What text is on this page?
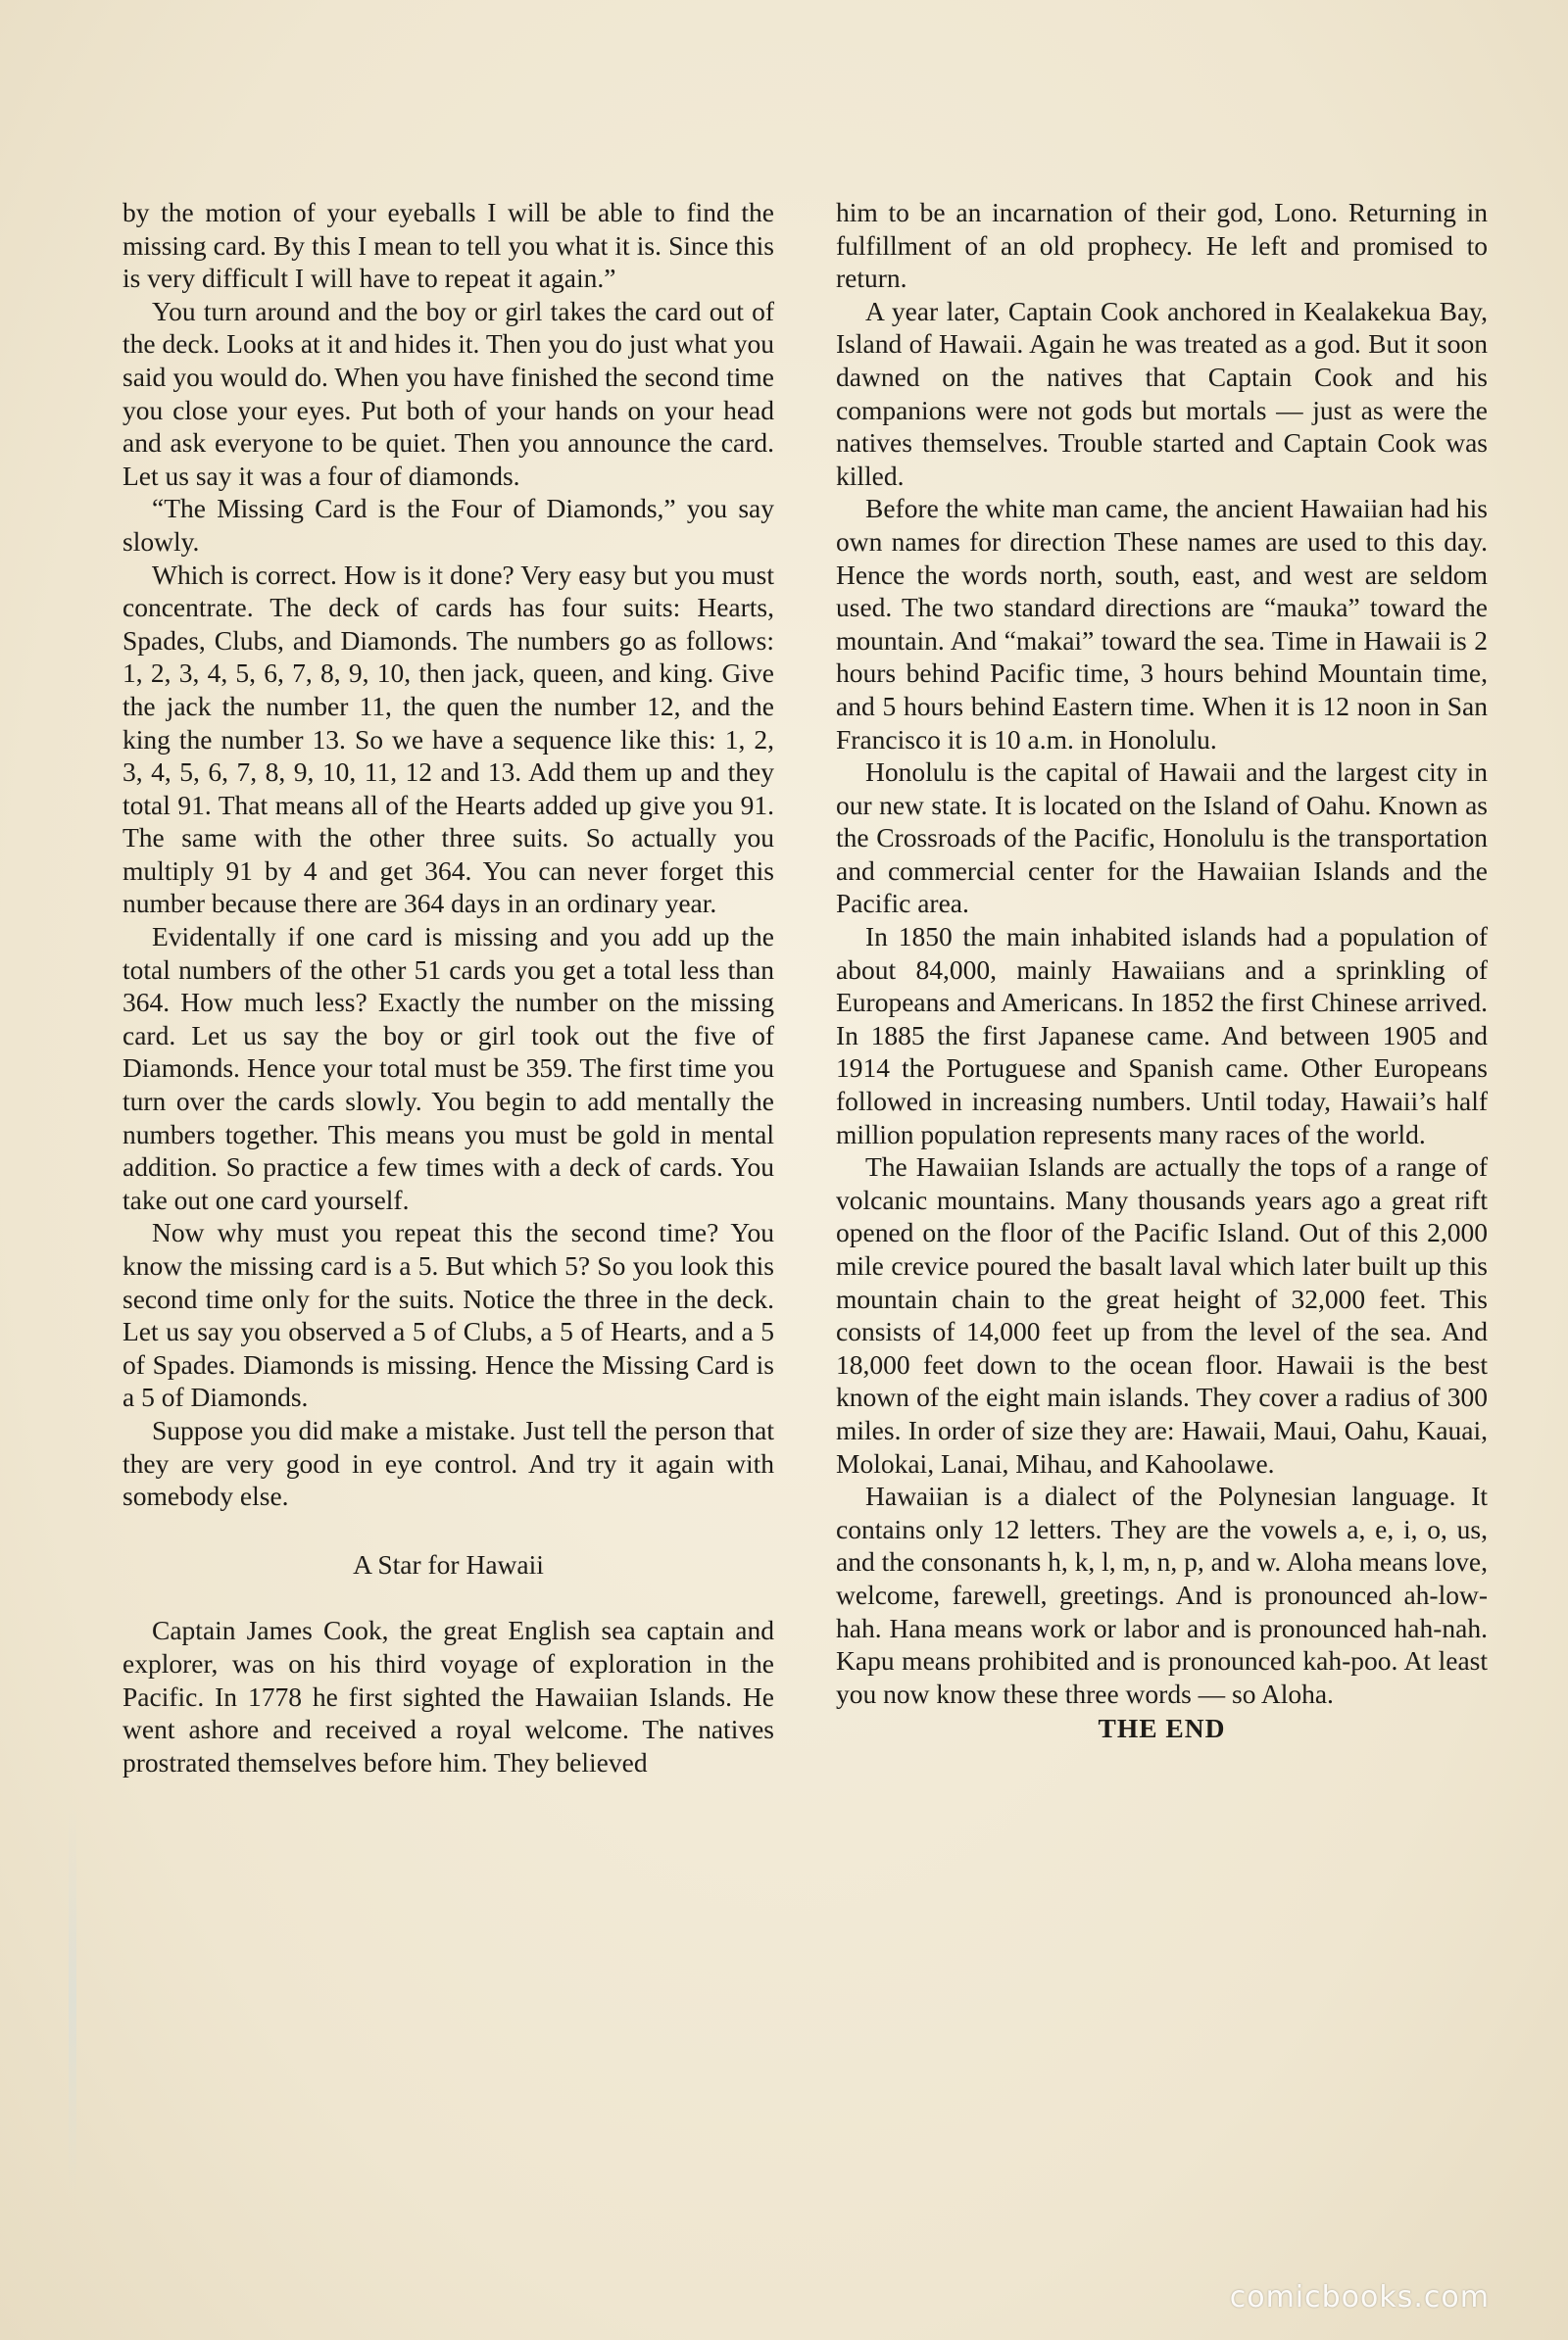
by the motion of your eyeballs I will be able to find the missing card. By this I mean to tell you what it is. Since this is very difficult I will have to repeat it again.”

You turn around and the boy or girl takes the card out of the deck. Looks at it and hides it. Then you do just what you said you would do. When you have finished the second time you close your eyes. Put both of your hands on your head and ask everyone to be quiet. Then you announce the card. Let us say it was a four of diamonds.

“The Missing Card is the Four of Diamonds,” you say slowly.

Which is correct. How is it done? Very easy but you must concentrate. The deck of cards has four suits: Hearts, Spades, Clubs, and Diamonds. The numbers go as follows: 1, 2, 3, 4, 5, 6, 7, 8, 9, 10, then jack, queen, and king. Give the jack the number 11, the quen the number 12, and the king the number 13. So we have a sequence like this: 1, 2, 3, 4, 5, 6, 7, 8, 9, 10, 11, 12 and 13. Add them up and they total 91. That means all of the Hearts added up give you 91. The same with the other three suits. So actually you multiply 91 by 4 and get 364. You can never forget this number because there are 364 days in an ordinary year.

Evidentally if one card is missing and you add up the total numbers of the other 51 cards you get a total less than 364. How much less? Exactly the number on the missing card. Let us say the boy or girl took out the five of Diamonds. Hence your total must be 359. The first time you turn over the cards slowly. You begin to add mentally the numbers together. This means you must be gold in mental addition. So practice a few times with a deck of cards. You take out one card yourself.

Now why must you repeat this the second time? You know the missing card is a 5. But which 5? So you look this second time only for the suits. Notice the three in the deck. Let us say you observed a 5 of Clubs, a 5 of Hearts, and a 5 of Spades. Diamonds is missing. Hence the Missing Card is a 5 of Diamonds.

Suppose you did make a mistake. Just tell the person that they are very good in eye control. And try it again with somebody else.

A Star for Hawaii

Captain James Cook, the great English sea captain and explorer, was on his third voyage of exploration in the Pacific. In 1778 he first sighted the Hawaiian Islands. He went ashore and received a royal welcome. The natives prostrated themselves before him. They believed

him to be an incarnation of their god, Lono. Returning in fulfillment of an old prophecy. He left and promised to return.

A year later, Captain Cook anchored in Kealakekua Bay, Island of Hawaii. Again he was treated as a god. But it soon dawned on the natives that Captain Cook and his companions were not gods but mortals — just as were the natives themselves. Trouble started and Captain Cook was killed.

Before the white man came, the ancient Hawaiian had his own names for direction These names are used to this day. Hence the words north, south, east, and west are seldom used. The two standard directions are “mauka” toward the mountain. And “makai” toward the sea. Time in Hawaii is 2 hours behind Pacific time, 3 hours behind Mountain time, and 5 hours behind Eastern time. When it is 12 noon in San Francisco it is 10 a.m. in Honolulu.

Honolulu is the capital of Hawaii and the largest city in our new state. It is located on the Island of Oahu. Known as the Crossroads of the Pacific, Honolulu is the transportation and commercial center for the Hawaiian Islands and the Pacific area.

In 1850 the main inhabited islands had a population of about 84,000, mainly Hawaiians and a sprinkling of Europeans and Americans. In 1852 the first Chinese arrived. In 1885 the first Japanese came. And between 1905 and 1914 the Portuguese and Spanish came. Other Europeans followed in increasing numbers. Until today, Hawaii’s half million population represents many races of the world.

The Hawaiian Islands are actually the tops of a range of volcanic mountains. Many thousands years ago a great rift opened on the floor of the Pacific Island. Out of this 2,000 mile crevice poured the basalt laval which later built up this mountain chain to the great height of 32,000 feet. This consists of 14,000 feet up from the level of the sea. And 18,000 feet down to the ocean floor. Hawaii is the best known of the eight main islands. They cover a radius of 300 miles. In order of size they are: Hawaii, Maui, Oahu, Kauai, Molokai, Lanai, Mihau, and Kahoolawe.

Hawaiian is a dialect of the Polynesian language. It contains only 12 letters. They are the vowels a, e, i, o, us, and the consonants h, k, l, m, n, p, and w. Aloha means love, welcome, farewell, greetings. And is pronounced ah-low-hah. Hana means work or labor and is pronounced hah-nah. Kapu means prohibited and is pronounced kah-poo. At least you now know these three words — so Aloha.

THE END

comicbooks.com
